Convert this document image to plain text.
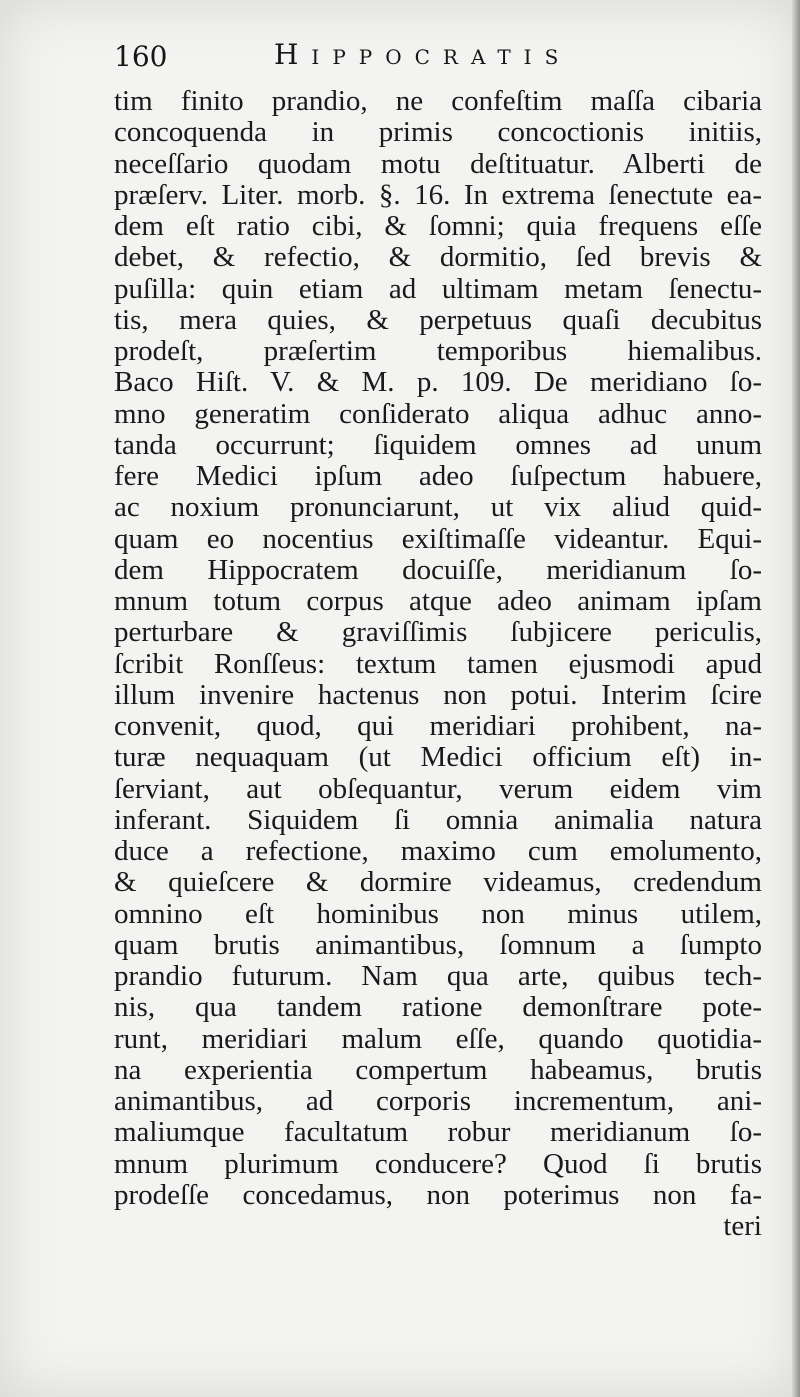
160	Hippocratis
tim finito prandio, ne confeſtim maſſa cibaria
concoquenda in primis concoctionis initiis,
neceſſario quodam motu deſtituatur. Alberti de
præſerv. Liter. morb. §. 16. In extrema ſenectute ea-
dem eſt ratio cibi, & ſomni; quia frequens eſſe
debet, & refectio, & dormitio, ſed brevis &
puſilla: quin etiam ad ultimam metam ſenectu-
tis, mera quies, & perpetuus quaſi decubitus
prodeſt, præſertim temporibus hiemalibus.
Baco Hiſt. V. & M. p. 109. De meridiano ſo-
mno generatim conſiderato aliqua adhuc anno-
tanda occurrunt; ſiquidem omnes ad unum
fere Medici ipſum adeo ſuſpectum habuere,
ac noxium pronunciarunt, ut vix aliud quid-
quam eo nocentius exiſtimaſſe videantur. Equi-
dem Hippocratem docuiſſe, meridianum ſo-
mnum totum corpus atque adeo animam ipſam
perturbare & graviſſimis ſubjicere periculis,
ſcribit Ronſſeus: textum tamen ejusmodi apud
illum invenire hactenus non potui. Interim ſcire
convenit, quod, qui meridiari prohibent, na-
turæ nequaquam (ut Medici officium eſt) in-
ſerviant, aut obſequantur, verum eidem vim
inferant. Siquidem ſi omnia animalia natura
duce a refectione, maximo cum emolumento,
& quieſcere & dormire videamus, credendum
omnino eſt hominibus non minus utilem,
quam brutis animantibus, ſomnum a ſumpto
prandio futurum. Nam qua arte, quibus tech-
nis, qua tandem ratione demonſtrare pote-
runt, meridiari malum eſſe, quando quotidia-
na experientia compertum habeamus, brutis
animantibus, ad corporis incrementum, ani-
maliumque facultatum robur meridianum ſo-
mnum plurimum conducere? Quod ſi brutis
prodeſſe concedamus, non poterimus non fa-
teri
